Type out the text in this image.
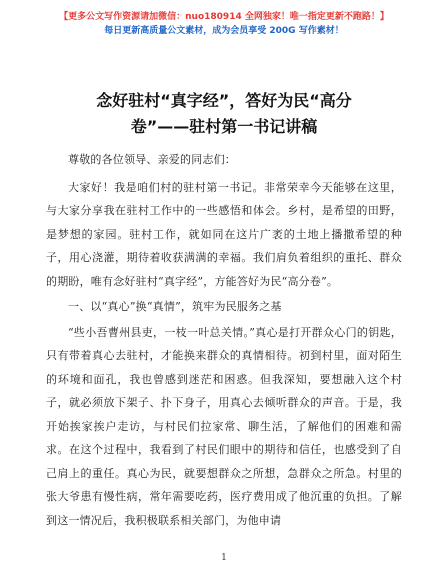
【更多公文写作资源请加微信：nuo180914 全网独家！唯一指定更新不跑路！】
每日更新高质量公文素材，成为会员享受 200G 写作素材！
念好驻村“真字经”，答好为民“高分
卷”——驻村第一书记讲稿

尊敬的各位领导、亲爱的同志们：

大家好！我是咱们村的驻村第一书记。非常荣幸今天能够在这里，与大家分享我在驻村工作中的一些感悟和体会。乡村，是希望的田野，是梦想的家园。驻村工作，就如同在这片广袤的土地上播撒希望的种子，用心浇灌，期待着收获满满的幸福。我们肩负着组织的重托、群众的期盼，唯有念好驻村“真字经”，方能答好为民“高分卷”。

一、以“真心”换“真情”，筑牢为民服务之基

“些小吾曹州县吏，一枝一叶总关情。”真心是打开群众心门的钥匙，只有带着真心去驻村，才能换来群众的真情相待。初到村里，面对陌生的环境和面孔，我也曾感到迷茫和困惑。但我深知，要想融入这个村子，就必须放下架子、扑下身子，用真心去倾听群众的声音。于是，我开始挨家挨户走访，与村民们拉家常、聊生活，了解他们的困难和需求。在这个过程中，我看到了村民们眼中的期待和信任，也感受到了自己肩上的重任。真心为民，就要想群众之所想，急群众之所急。村里的张大爷患有慢性病，常年需要吃药，医疗费用成了他沉重的负担。了解到这一情况后，我积极联系相关部门，为他申请

1
